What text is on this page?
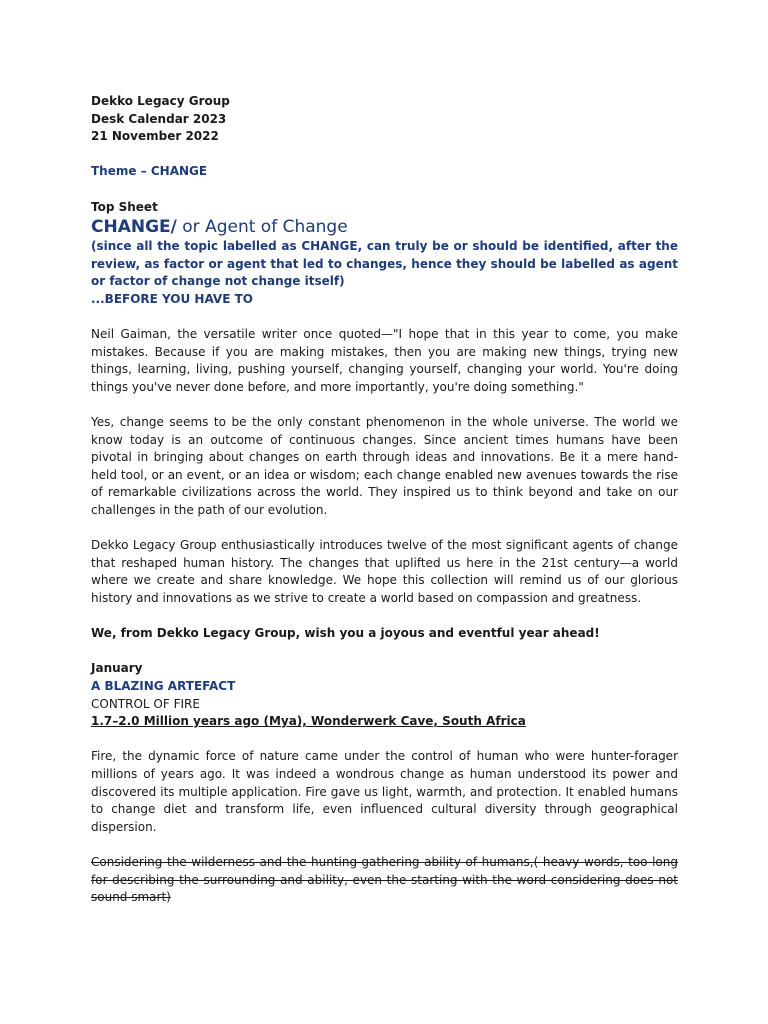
Dekko Legacy Group

Desk Calendar 2023

21 November 2022

Theme – CHANGE

Top Sheet

CHANGE/ or Agent of Change

(since all the topic labelled as CHANGE, can truly be or should be identified, after the review, as factor or agent that led to changes, hence they should be labelled as agent or factor of change not change itself)

...BEFORE YOU HAVE TO

Neil Gaiman, the versatile writer once quoted—"I hope that in this year to come, you make mistakes. Because if you are making mistakes, then you are making new things, trying new things, learning, living, pushing yourself, changing yourself, changing your world. You're doing things you've never done before, and more importantly, you're doing something."

Yes, change seems to be the only constant phenomenon in the whole universe. The world we know today is an outcome of continuous changes. Since ancient times humans have been pivotal in bringing about changes on earth through ideas and innovations. Be it a mere hand-held tool, or an event, or an idea or wisdom; each change enabled new avenues towards the rise of remarkable civilizations across the world. They inspired us to think beyond and take on our challenges in the path of our evolution.

Dekko Legacy Group enthusiastically introduces twelve of the most significant agents of change that reshaped human history. The changes that uplifted us here in the 21st century—a world where we create and share knowledge. We hope this collection will remind us of our glorious history and innovations as we strive to create a world based on compassion and greatness.

We, from Dekko Legacy Group, wish you a joyous and eventful year ahead!

January

A BLAZING ARTEFACT

CONTROL OF FIRE

1.7–2.0 Million years ago (Mya), Wonderwerk Cave, South Africa

Fire, the dynamic force of nature came under the control of human who were hunter-forager millions of years ago. It was indeed a wondrous change as human understood its power and discovered its multiple application. Fire gave us light, warmth, and protection. It enabled humans to change diet and transform life, even influenced cultural diversity through geographical dispersion.

Considering the wilderness and the hunting-gathering ability of humans,( heavy words, too long for describing the surrounding and ability, even the starting with the word considering does not sound smart)
